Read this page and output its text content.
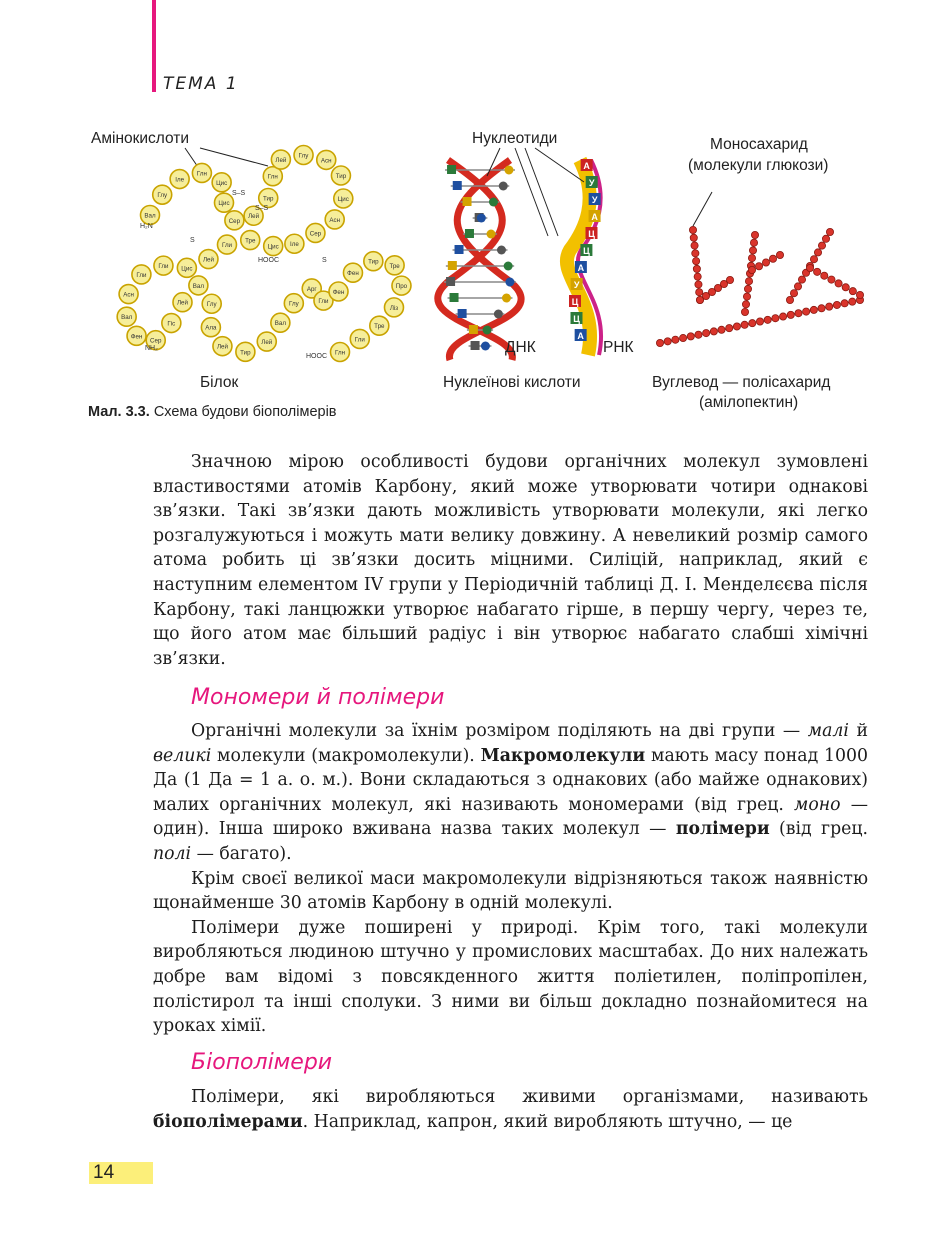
ТЕМА 1
Вал
Глу
Іле
Глн
Цис
Цис
Сер
Лей
Тир
Глн
Лей
Глу
Асн
Тир
Цис
Асн
Сер
Іле
Цис
Тре
Гли
Лей
Цис
Гли
Гли
Асн
Вал
Фен
Сер
Гіс
Лей
Вал
Глу
Ала
Лей
Тир
Лей
Вал
Глу
Арг
Гли
Фен
Фен
Тир
Тре
Про
Ліз
Тре
Гли
Глн
S–S
S–S
S
S
HOOC
HOOC
H₂N
NH₂
А
У
У
А
Ц
Ц
А
У
Ц
Ц
А
Амінокислоти	Нуклеотиди	Моносахарид
(молекули глюкози)
ДНК	РНК
Білок	Нуклеїнові кислоти	Вуглевод — полісахарид
(амілопектин)
Мал. 3.3. Схема будови біополімерів

Значною мірою особливості будови органічних молекул зумовлені властивостями атомів Карбону, який може утворювати чотири однакові зв’язки. Такі зв’язки дають можливість утворювати молекули, які легко розгалужуються і можуть мати велику довжину. А невеликий розмір самого атома робить ці зв’язки досить міцними. Силіцій, наприклад, який є наступним елементом IV групи у Періодичній таблиці Д. І. Менделєєва після Карбону, такі ланцюжки утворює набагато гірше, в першу чергу, через те, що його атом має більший радіус і він утворює набагато слабші хімічні зв’язки.

Мономери й полімери

Органічні молекули за їхнім розміром поділяють на дві групи — малі й великі молекули (макромолекули). Макромолекули мають масу понад 1000 Да (1 Да = 1 а. о. м.). Вони складаються з однакових (або майже однакових) малих органічних молекул, які називають мономерами (від грец. моно — один). Інша широко вживана назва таких молекул — полімери (від грец. полі — багато).

Крім своєї великої маси макромолекули відрізняються також наявністю щонайменше 30 атомів Карбону в одній молекулі.

Полімери дуже поширені у природі. Крім того, такі молекули виробляються людиною штучно у промислових масштабах. До них належать добре вам відомі з повсякденного життя поліетилен, поліпропілен, полістирол та інші сполуки. З ними ви більш докладно познайомитеся на уроках хімії.

Біополімери

Полімери, які виробляються живими організмами, називають біополімерами. Наприклад, капрон, який виробляють штучно, — це

14
